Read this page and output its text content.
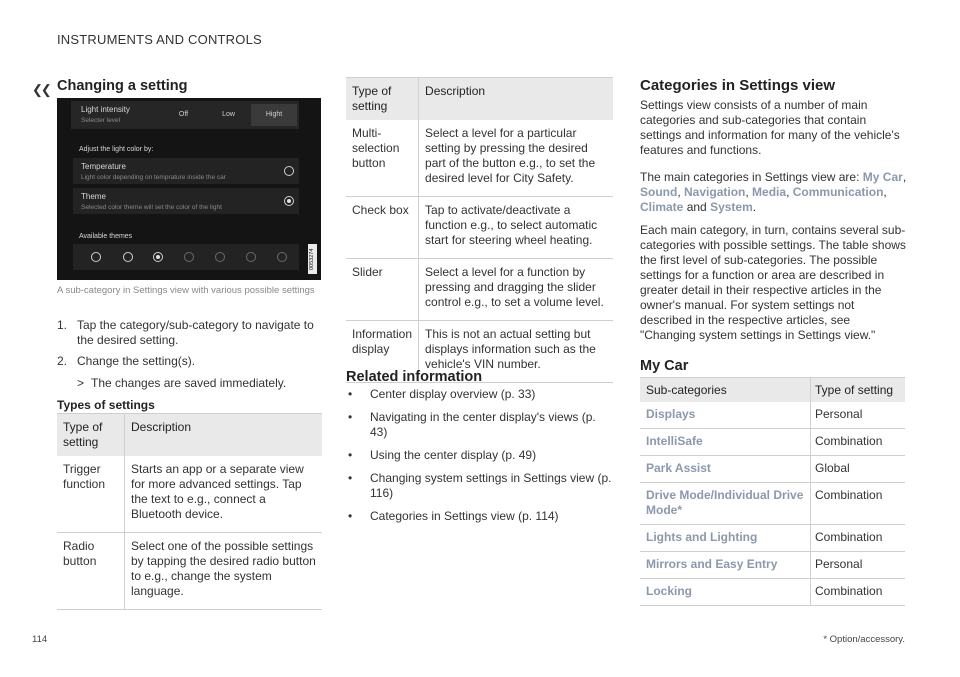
INSTRUMENTS AND CONTROLS
❮❮ Changing a setting
Light intensity
Selecter level
Off	Low	Hight
Adjust the light color by:
Temperature
Light color depending on temprature inside the car
Theme
Selected color theme will set the color of the light
Available themes
0053274
A sub-category in Settings view with various possible settings
1. Tap the category/sub-category to navigate to the desired setting.
2. Change the setting(s).
> The changes are saved immediately.
Types of settings
Type of setting	Description
Trigger function	Starts an app or a separate view for more advanced settings. Tap the text to e.g., connect a Bluetooth device.
Radio button	Select one of the possible settings by tapping the desired radio button to e.g., change the system language.
Type of setting	Description
Multi-selection button	Select a level for a particular setting by pressing the desired part of the button e.g., to set the desired level for City Safety.
Check box	Tap to activate/deactivate a function e.g., to select automatic start for steering wheel heating.
Slider	Select a level for a function by pressing and dragging the slider control e.g., to set a volume level.
Information display	This is not an actual setting but displays information such as the vehicle's VIN number.
Related information
• Center display overview (p. 33)
• Navigating in the center display's views (p. 43)
• Using the center display (p. 49)
• Changing system settings in Settings view (p. 116)
• Categories in Settings view (p. 114)
Categories in Settings view

Settings view consists of a number of main categories and sub-categories that contain settings and information for many of the vehicle's features and functions.

The main categories in Settings view are: My Car, Sound, Navigation, Media, Communication, Climate and System.

Each main category, in turn, contains several sub-categories with possible settings. The table shows the first level of sub-categories. The possible settings for a function or area are described in greater detail in their respective articles in the owner's manual. For system settings not described in the respective articles, see "Changing system settings in Settings view."

My Car
Sub-categories	Type of setting
Displays	Personal
IntelliSafe	Combination
Park Assist	Global
Drive Mode/Individual Drive Mode*	Combination
Lights and Lighting	Combination
Mirrors and Easy Entry	Personal
Locking	Combination
114	* Option/accessory.
